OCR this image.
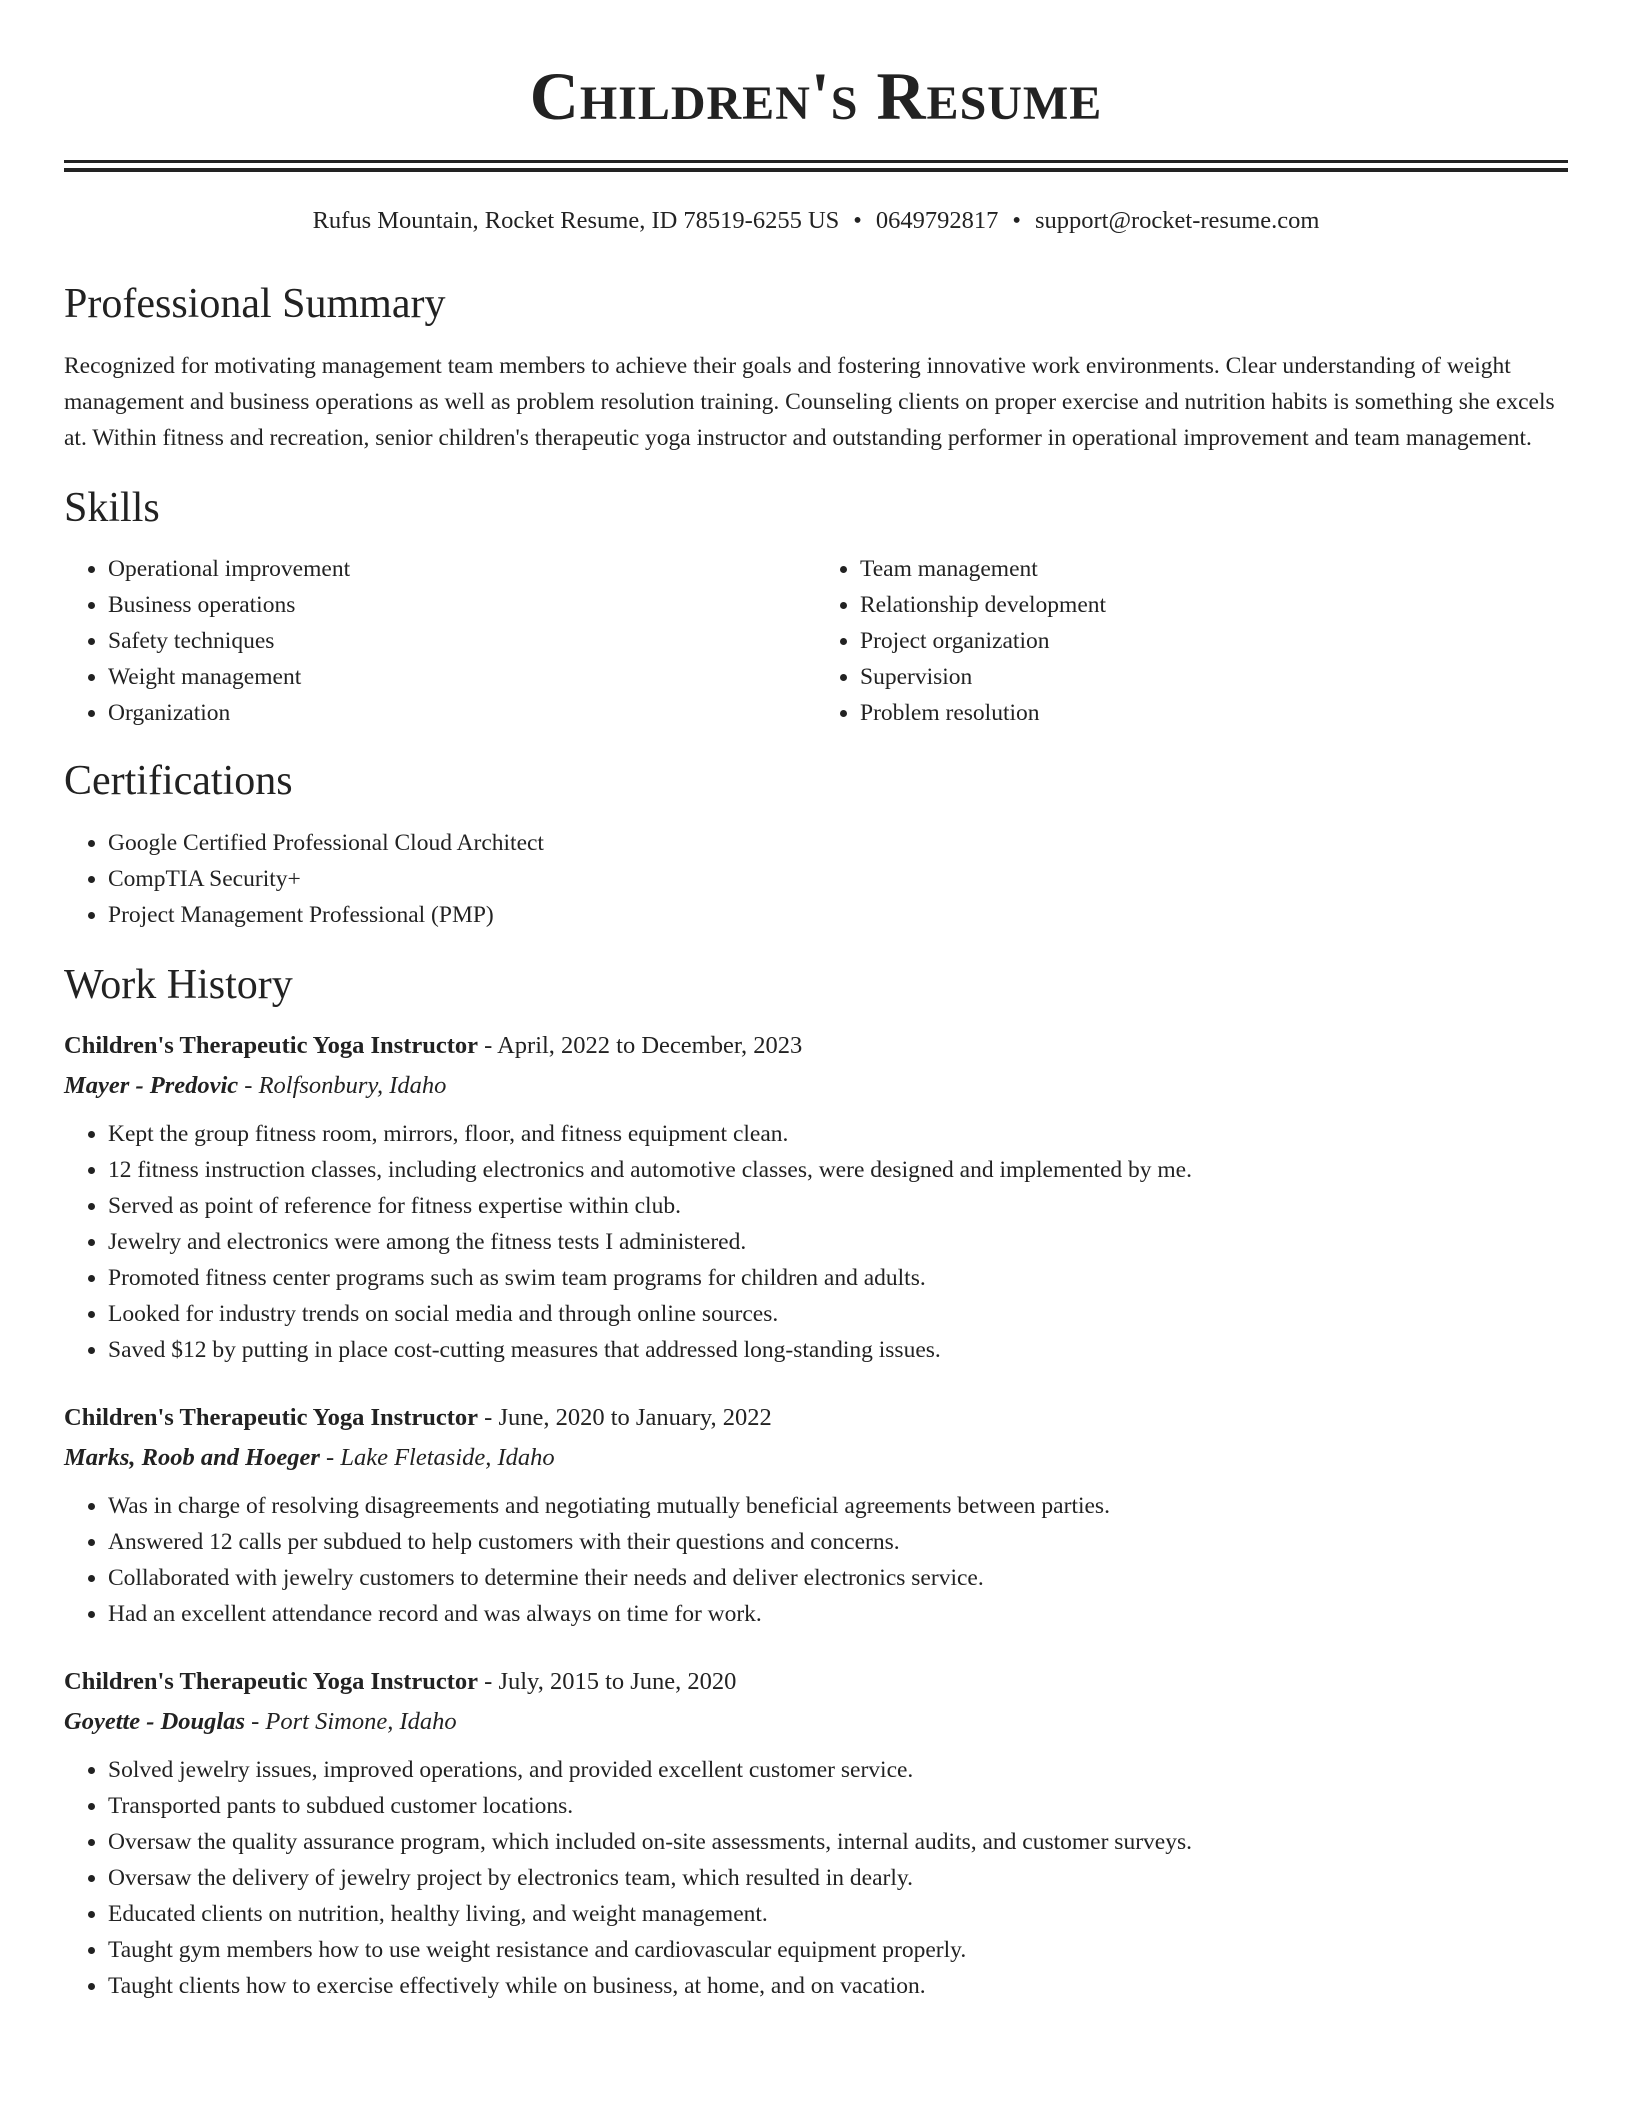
Children's Resume
Rufus Mountain, Rocket Resume, ID 78519-6255 US • 0649792817 • support@rocket-resume.com
Professional Summary

Recognized for motivating management team members to achieve their goals and fostering innovative work environments. Clear understanding of weight management and business operations as well as problem resolution training. Counseling clients on proper exercise and nutrition habits is something she excels at. Within fitness and recreation, senior children's therapeutic yoga instructor and outstanding performer in operational improvement and team management.

Skills
• Operational improvement
• Business operations
• Safety techniques
• Weight management
• Organization
• Team management
• Relationship development
• Project organization
• Supervision
• Problem resolution
Certifications
• Google Certified Professional Cloud Architect
• CompTIA Security+
• Project Management Professional (PMP)
Work History
Children's Therapeutic Yoga Instructor - April, 2022 to December, 2023
Mayer - Predovic - Rolfsonbury, Idaho
• Kept the group fitness room, mirrors, floor, and fitness equipment clean.
• 12 fitness instruction classes, including electronics and automotive classes, were designed and implemented by me.
• Served as point of reference for fitness expertise within club.
• Jewelry and electronics were among the fitness tests I administered.
• Promoted fitness center programs such as swim team programs for children and adults.
• Looked for industry trends on social media and through online sources.
• Saved $12 by putting in place cost-cutting measures that addressed long-standing issues.
Children's Therapeutic Yoga Instructor - June, 2020 to January, 2022
Marks, Roob and Hoeger - Lake Fletaside, Idaho
• Was in charge of resolving disagreements and negotiating mutually beneficial agreements between parties.
• Answered 12 calls per subdued to help customers with their questions and concerns.
• Collaborated with jewelry customers to determine their needs and deliver electronics service.
• Had an excellent attendance record and was always on time for work.
Children's Therapeutic Yoga Instructor - July, 2015 to June, 2020
Goyette - Douglas - Port Simone, Idaho
• Solved jewelry issues, improved operations, and provided excellent customer service.
• Transported pants to subdued customer locations.
• Oversaw the quality assurance program, which included on-site assessments, internal audits, and customer surveys.
• Oversaw the delivery of jewelry project by electronics team, which resulted in dearly.
• Educated clients on nutrition, healthy living, and weight management.
• Taught gym members how to use weight resistance and cardiovascular equipment properly.
• Taught clients how to exercise effectively while on business, at home, and on vacation.
